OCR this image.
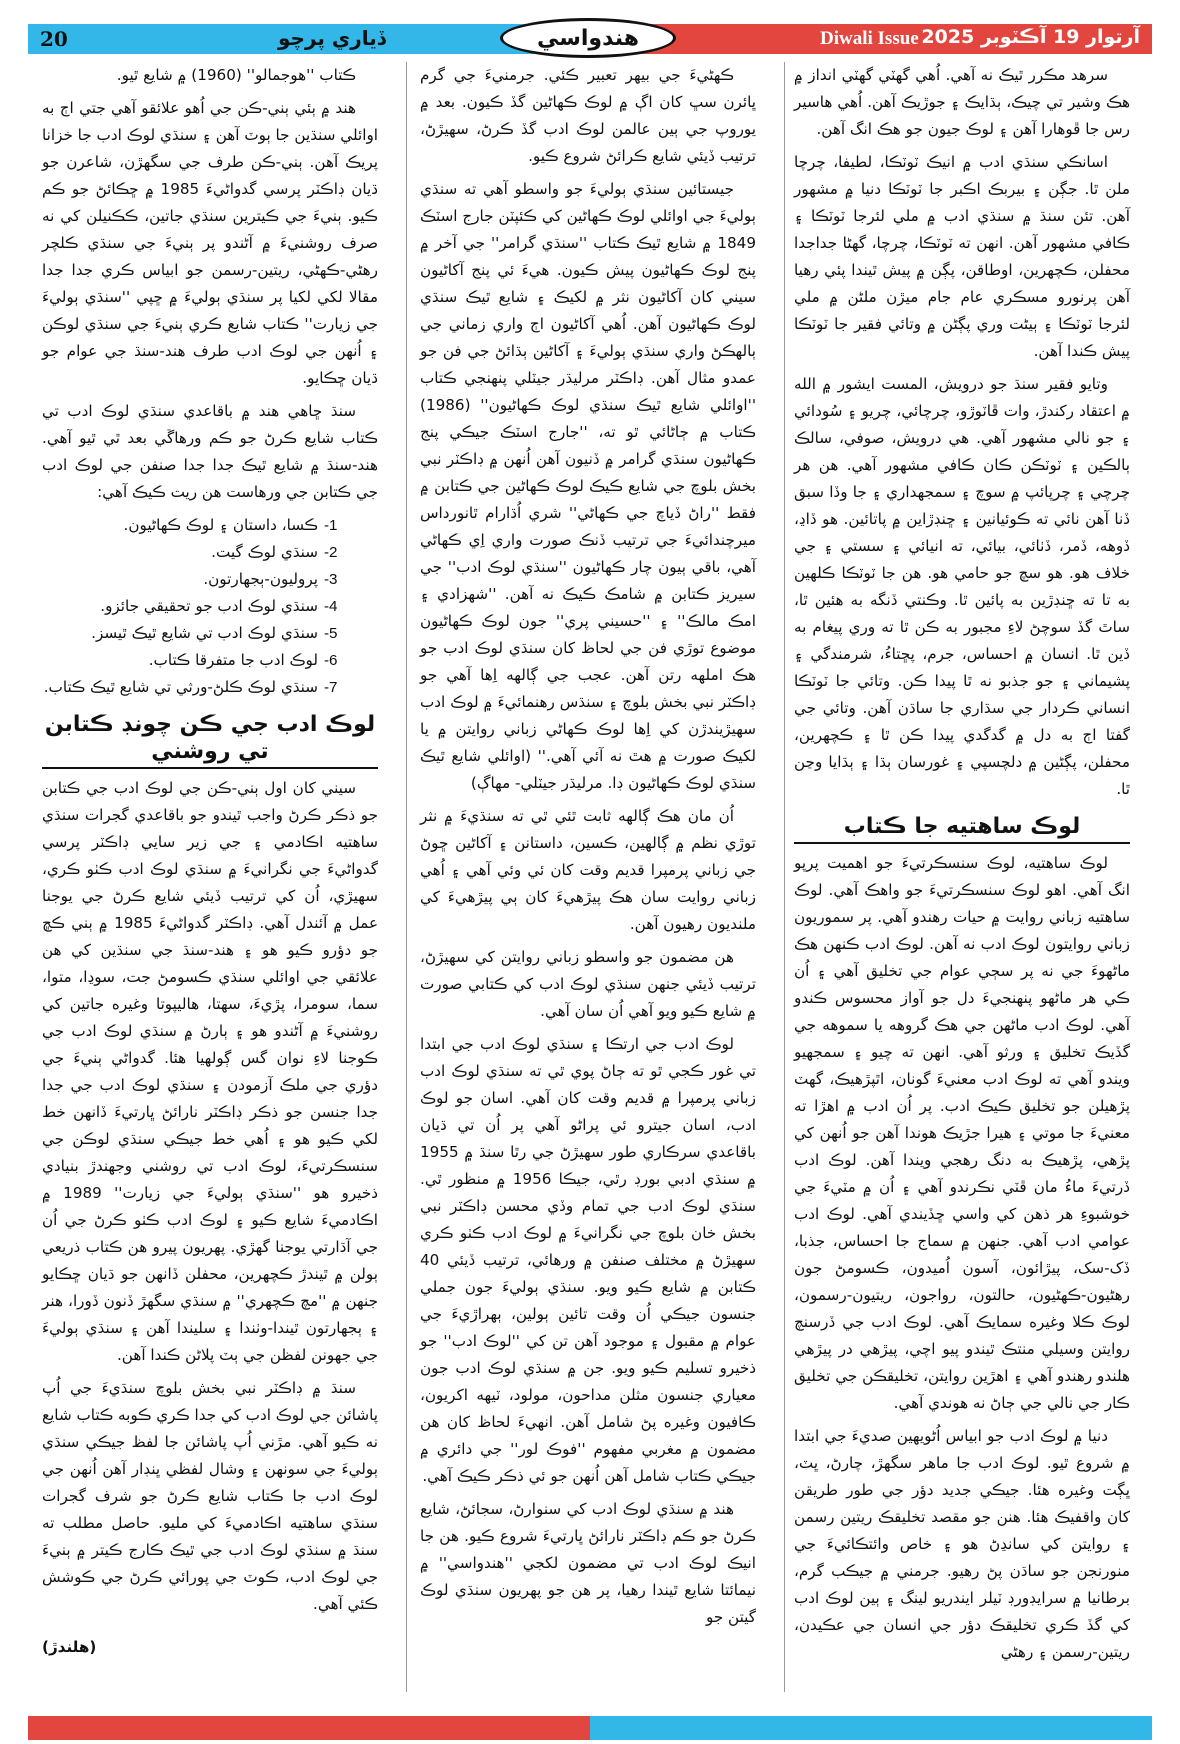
20	ڏياري پرچو	Diwali Issue آرتوار 19 آڪٽوبر 2025
هندواسي

سرهد مڪرر ٿيڪ نه آهي. اُهي گهٽي گهٽي انداز ۾ هڪ وشير تي چيڪ، ٻڌايڪ ۽ جوڙيڪ آهن. اُهي هاسير رس جا ڦوهارا آهن ۽ لوڪ جيون جو هڪ انگ آهن.

اسانڪي سنڌي ادب ۾ انيڪ ٽوٽڪا، لطيفا، چرچا ملن ٿا. جڳن ۽ بيربڪ اڪبر جا ٽوٽڪا دنيا ۾ مشهور آهن. تئن سنڌ ۾ سنڌي ادب ۾ ملي لئرجا ٽوٽڪا ۽ ڪافي مشهور آهن. انهن ته ٽوٽڪا، چرچا، گهڻا جداجدا محفلن، ڪچهرين، اوطاقن، پڳن ۾ پيش ٿيندا پئي رهيا آهن پرنورو مسڪري عام جام ميڙن ملڻن ۾ ملي لئرجا ٽوٽڪا ۽ ٻيڻت وري پڳڻن ۾ وتائي فقير جا ٽوٽڪا پيش ڪندا آهن.

وتايو فقير سنڌ جو درويش، المست ايشور ۾ الله ۾ اعتقاد رکندڙ، وات ڦاٽوڙو، چرچائي، چريو ۽ سُودائي ۽ جو نالي مشهور آهي. هي درويش، صوفي، سالڪ ٻالڪين ۽ ٽوٽڪن ڪان ڪافي مشهور آهي. هن هر چرچي ۽ چرپائپ ۾ سوچ ۽ سمجھداري ۽ جا وڏا سبق ڏنا آهن نائي ته ڪوئيانين ۽ ڇنڊڙاين ۾ پاتائين. هو ڏاڍ، ڏوهه، ڏمر، ڏٺائي، بيائي، ته انيائي ۽ سستي ۽ جي خلاف هو. هو سچ جو حامي هو. هن جا ٽوٽڪا ڪلهين به تا ته ڇنڊڙين به پائين ٿا. وڪنتي ڏنگه به هئين ٿا، ساٿ گڏ سوچڻ لاءِ مجبور به ڪن ٿا ته وري پيغام به ڏين ٿا. انسان ۾ احساس، جرم، پڇتاءُ، شرمندگي ۽ پشيماني ۽ جو جذبو نه ٿا پيدا ڪن. وتائي جا ٽوٽڪا انساني ڪردار جي سڌاري جا ساڌن آهن. وتائي جي گفتا اڄ به دل ۾ گدگدي پيدا ڪن ٿا ۽ ڪچهرين، محفلن، پڳڻين ۾ دلچسپي ۽ غورسان ٻڌا ۽ ٻڌايا وڃن ٿا.

لوڪ ساهتيه جا ڪتاب

لوڪ ساهتيه، لوڪ سنسڪرتيءَ جو اهميت پرپو انگ آهي. اهو لوڪ سنسڪرتيءَ جو واهڪ آهي. لوڪ ساهتيه زباني روايت ۾ حيات رهندو آهي. پر سموريون زباني روايتون لوڪ ادب نه آهن. لوڪ ادب ڪنهن هڪ ماڻهوءَ جي نه پر سڄي عوام جي تخليق آهي ۽ اُن ڪي هر ماڻهو پنهنجيءَ دل جو آواز محسوس ڪندو آهي. لوڪ ادب ماڻهن جي هڪ گروهه يا سموهه جي گڏيڪ تخليق ۽ ورثو آهي. انهن ته چيو ۽ سمجھيو ويندو آهي ته لوڪ ادب معنيءَ گونان، اٿپڙهيڪ، گهٽ پڙهيلن جو تخليق ڪيڪ ادب. پر اُن ادب ۾ اهڙا ته معنيءَ جا موتي ۽ هيرا جڙيڪ هوندا آهن جو اُنهن کي پڙهي، پڙهيڪ به دنگ رهجي ويندا آهن. لوڪ ادب ڏرتيءَ ماءُ مان ڦٽي نڪرندو آهي ۽ اُن ۾ مٽيءَ جي خوشبوءِ هر ذهن کي واسي ڇڏيندي آهي. لوڪ ادب عوامي ادب آهي. جنهن ۾ سماج جا احساس، جذبا، ڏک-سک، پيڙائون، آسون اُميدون، ڪسومڻ جون رهڻيون-ڪهڻيون، حالتون، رواجون، ريتيون-رسمون، لوڪ ڪلا وغيره سمايڪ آهي. لوڪ ادب جي ڏرسنچ روايتن وسيلي منتڪ ٿيندو پيو اچي، پيڙهي در پيڙهي هلندو رهندو آهي ۽ اهڙين روايتن، تخليقڪن جي تخليق ڪار جي نالي جي ڄاڻ نه هوندي آهي.

دنيا ۾ لوڪ ادب جو ابياس اُڻويهين صديءَ جي ابتدا ۾ شروع ٿيو. لوڪ ادب جا ماهر سگهڙ، چارڻ، ڀٽ، ڀڳت وغيره هئا. جيڪي جديد دؤر جي طور طريقن کان واقفيڪ هئا. هنن جو مقصد تخليقڪ ريتين رسمن ۽ روايتن کي سانڍڻ هو ۽ خاص وائتڪائيءَ جي منورنجن جو ساڌن پڻ رهيو. جرمني ۾ جيڪب گرم، برطانيا ۾ سرايڊورڊ ٽيلر ايندريو لينگ ۽ ٻين لوڪ ادب کي گڏ ڪري تخليقڪ دؤر جي انسان جي عڪيدن، ريتين-رسمن ۽ رهڻي

ڪهڻيءَ جي بيهر تعبير ڪئي. جرمنيءَ جي گرم ڀائرن سڀ کان اڳ ۾ لوڪ ڪهاڻين گڏ ڪيون. بعد ۾ يوروپ جي ٻين عالمن لوڪ ادب گڏ ڪرڻ، سهيڙڻ، ترتيب ڏيئي شايع ڪرائڻ شروع ڪيو.

جيستائين سنڌي ٻوليءَ جو واسطو آهي ته سنڌي ٻوليءَ جي اوائلي لوڪ ڪهاڻين کي ڪئپٽن جارج اسٽڪ 1849 ۾ شايع ٿيڪ ڪتاب ''سنڌي گرامر'' جي آخر ۾ پنج لوڪ ڪهاڻيون پيش ڪيون. هيءَ ئي پنج آکاڻيون سيني کان آکاڻيون نثر ۾ لکيڪ ۽ شايع ٿيڪ سنڌي لوڪ ڪهاڻيون آهن. اُهي آکاڻيون اڄ واري زماني جي ٻالهڪڻ واري سنڌي ٻوليءَ ۽ آکاڻين ٻڌائڻ جي فن جو عمدو مثال آهن. ڊاڪٽر مرليڌر جيٽلي پنهنجي ڪتاب ''اوائلي شايع ٿيڪ سنڌي لوڪ ڪهاڻيون'' (1986) ڪتاب ۾ ڄاڻائي ٿو ته، ''جارج اسٽڪ جيڪي پنج ڪهاڻيون سنڌي گرامر ۾ ڏنيون آهن اُنهن ۾ ڊاڪٽر نبي بخش بلوچ جي شايع ڪيڪ لوڪ ڪهاڻين جي ڪتابن ۾ فقط ''راڻ ڏياچ جي ڪهاڻي'' شري اُڌارام ٿانورداس ميرچندائيءَ جي ترتيب ڏنڪ صورت واري اِي ڪهاڻي آهي، باقي ٻيون چار ڪهاڻيون ''سنڌي لوڪ ادب'' جي سيريز ڪتابن ۾ شامڪ ڪيڪ نه آهن. ''شهزادي ۽ امڪ مالڪ'' ۽ ''حسيني پري'' جون لوڪ ڪهاڻيون موضوع توڙي فن جي لحاظ کان سنڌي لوڪ ادب جو هڪ املهه رتن آهن. عجب جي ڳالهه اِها آهي جو ڊاڪٽر نبي بخش بلوچ ۽ سنڌس رهنمائيءَ ۾ لوڪ ادب سهيڙيندڙن کي اِها لوڪ ڪهاڻي زباني روايتن ۾ يا لکيڪ صورت ۾ هٿ نه آئي آهي.'' (اوائلي شايع ٿيڪ سنڌي لوڪ ڪهاڻيون ڊا. مرليڌر جيٽلي- مهاڳ)

اُن مان هڪ ڳالهه ثابت ٿئي ٿي ته سنڌيءَ ۾ نثر توڙي نظم ۾ ڳالهين، ڪسين، داستانن ۽ آکاڻين ڇوڻ جي زباني پرمپرا قديم وقت کان ئي وئي آهي ۽ اُهي زباني روايت سان هڪ پيڙهيءَ کان ٻي پيڙهيءَ کي ملنديون رهيون آهن.

هن مضمون جو واسطو زباني روايتن کي سهيڙڻ، ترتيب ڏيئي جنهن سنڌي لوڪ ادب کي ڪتابي صورت ۾ شايع ڪيو ويو آهي اُن سان آهي.

لوڪ ادب جي ارتڪا ۽ سنڌي لوڪ ادب جي ابتدا تي غور ڪجي ٿو ته ڄاڻ پوي ٿي ته سنڌي لوڪ ادب زباني پرمپرا ۾ قديم وقت کان آهي. اسان جو لوڪ ادب، اسان جيترو ئي پراڻو آهي پر اُن تي ڌيان باقاعدي سرڪاري طور سهيڙڻ جي رٿا سنڌ ۾ 1955 ۾ سنڌي ادبي بورڊ رٿي، جيڪا 1956 ۾ منظور ٿي. سنڌي لوڪ ادب جي تمام وڏي محسن ڊاڪٽر نبي بخش خان بلوچ جي نگرانيءَ ۾ لوڪ ادب ڪٺو ڪري سهيڙڻ ۾ مختلف صنفن ۾ ورهائي، ترتيب ڏيئي 40 ڪتابن ۾ شايع ڪيو ويو. سنڌي ٻوليءَ جون جملي جنسون جيڪي اُن وقت تائين ٻولين، ٻهراڙيءَ جي عوام ۾ مقبول ۽ موجود آهن تن کي ''لوڪ ادب'' جو ذخيرو تسليم ڪيو ويو. جن ۾ سنڌي لوڪ ادب جون معياري جنسون مثلن مداحون، مولود، ٽيهه اکريون، ڪافيون وغيره پڻ شامل آهن. انهيءَ لحاظ کان هن مضمون ۾ مغربي مفهوم ''فوڪ لور'' جي دائري ۾ جيڪي ڪتاب شامل آهن اُنهن جو ئي ذڪر ڪيڪ آهي.

هند ۾ سنڌي لوڪ ادب کي سنوارڻ، سجائڻ، شايع ڪرڻ جو ڪم ڊاڪٽر نارائڻ ڀارتيءَ شروع ڪيو. هن جا انيڪ لوڪ ادب تي مضمون لکجي ''هندواسي'' ۾ نيمائتا شايع ٿيندا رهيا، پر هن جو پهريون سنڌي لوڪ گيتن جو

ڪتاب ''هوجمالو'' (1960) ۾ شايع ٿيو.

هند ۾ ٻئي ٻني-ڪن جي اُهو علائقو آهي جتي اڄ به اوائلي سنڌين جا ٻوٽ آهن ۽ سنڌي لوڪ ادب جا خزانا پريڪ آهن. ٻني-ڪن طرف جي سگهڙن، شاعرن جو ڌيان ڊاڪٽر پرسي گدواڻيءَ 1985 ۾ ڇڪائڻ جو ڪم ڪيو. ٻنيءَ جي ڪيترين سنڌي جاتين، ڪڪنيلن کي نه صرف روشنيءَ ۾ آڻندو پر ٻنيءَ جي سنڌي ڪلچر رهڻي-ڪهڻي، ريتين-رسمن جو ابياس ڪري جدا جدا مقالا لکي لکيا پر سنڌي ٻوليءَ ۾ ڇپي ''سنڌي ٻوليءَ جي زيارت'' ڪتاب شايع ڪري ٻنيءَ جي سنڌي لوڪن ۽ اُنهن جي لوڪ ادب طرف هند-سنڌ جي عوام جو ڌيان ڇڪايو.

سنڌ ڇاهي هند ۾ باقاعدي سنڌي لوڪ ادب تي ڪتاب شايع ڪرڻ جو ڪم ورهاڱي بعد ٿي ٿيو آهي. هند-سنڌ ۾ شايع ٿيڪ جدا جدا صنفن جي لوڪ ادب جي ڪتابن جي ورهاست هن ريت ڪيڪ آهي:

-1
ڪسا، داستان ۽ لوڪ ڪهاڻيون.
-2
سنڌي لوڪ گيت.
-3
پروليون-ٻجهارتون.
-4
سنڌي لوڪ ادب جو تحقيقي جائزو.
-5
سنڌي لوڪ ادب تي شايع ٿيڪ ٿيسز.
-6
لوڪ ادب جا متفرقا ڪتاب.
-7
سنڌي لوڪ ڪلڻ-ورثي تي شايع ٿيڪ ڪتاب.
لوڪ ادب جي ڪن چونڊ ڪتابن تي روشني

سيني کان اول ٻني-ڪن جي لوڪ ادب جي ڪتابن جو ذڪر ڪرڻ واجب ٿيندو جو باقاعدي گجرات سنڌي ساهتيه اڪادمي ۽ جي زير سايي ڊاڪٽر پرسي گدواڻيءَ جي نگرانيءَ ۾ سنڌي لوڪ ادب ڪٺو ڪري، سهيڙي، اُن کي ترتيب ڏيئي شايع ڪرڻ جي يوجنا عمل ۾ آئندل آهي. ڊاڪٽر گدواڻيءَ 1985 ۾ ٻني ڪڇ جو دؤرو ڪيو هو ۽ هند-سنڌ جي سنڌين کي هن علائقي جي اوائلي سنڌي ڪسومڻ جت، سوڍا، متوا، سما، سومرا، پڙيءَ، سهتا، هاليپوتا وغيره جاتين کي روشنيءَ ۾ آڻندو هو ۽ ٻارڻ ۾ سنڌي لوڪ ادب جي ڪوجنا لاءِ نوان گس ڳولهيا هئا. گدواڻي ٻنيءَ جي دؤري جي ملڪ آزمودن ۽ سنڌي لوڪ ادب جي جدا جدا جنسن جو ذڪر ڊاڪٽر نارائڻ ڀارتيءَ ڏانهن خط لکي ڪيو هو ۽ اُهي خط جيڪي سنڌي لوڪن جي سنسڪرتيءَ، لوڪ ادب تي روشني وجهندڙ بنيادي ذخيرو هو ''سنڌي ٻوليءَ جي زيارت'' 1989 ۾ اڪادميءَ شايع ڪيو ۽ لوڪ ادب ڪٺو ڪرڻ جي اُن جي آڌارتي يوجنا گهڙي. پهريون پيرو هن ڪتاب ذريعي ٻولن ۾ ٿيندڙ ڪچهرين، محفلن ڏانهن جو ڌيان ڇڪايو جنهن ۾ ''مچ ڪچهري'' ۾ سنڌي سگهڙ ڏنون ڏورا، هنر ۽ ٻجهارتون ٿيندا-وٺندا ۽ سليندا آهن ۽ سنڌي ٻوليءَ جي جهونن لفظن جي ٻٽ پلاڻن ڪندا آهن.

سنڌ ۾ ڊاڪٽر نبي بخش بلوچ سنڌيءَ جي اُپ پاشائن جي لوڪ ادب کي جدا ڪري ڪوبه ڪتاب شايع نه ڪيو آهي. مڙني اُپ پاشائن جا لفظ جيڪي سنڌي ٻوليءَ جي سونهن ۽ وشال لفظي ڀنڊار آهن اُنهن جي لوڪ ادب جا ڪتاب شايع ڪرڻ جو شرف گجرات سنڌي ساهتيه اڪادميءَ کي مليو. حاصل مطلب ته سنڌ ۾ سنڌي لوڪ ادب جي ٿيڪ ڪارج ڪيتر ۾ ٻنيءَ جي لوڪ ادب، ڪوٽ جي پورائي ڪرڻ جي ڪوشش ڪئي آهي.

(هلندڙ)
